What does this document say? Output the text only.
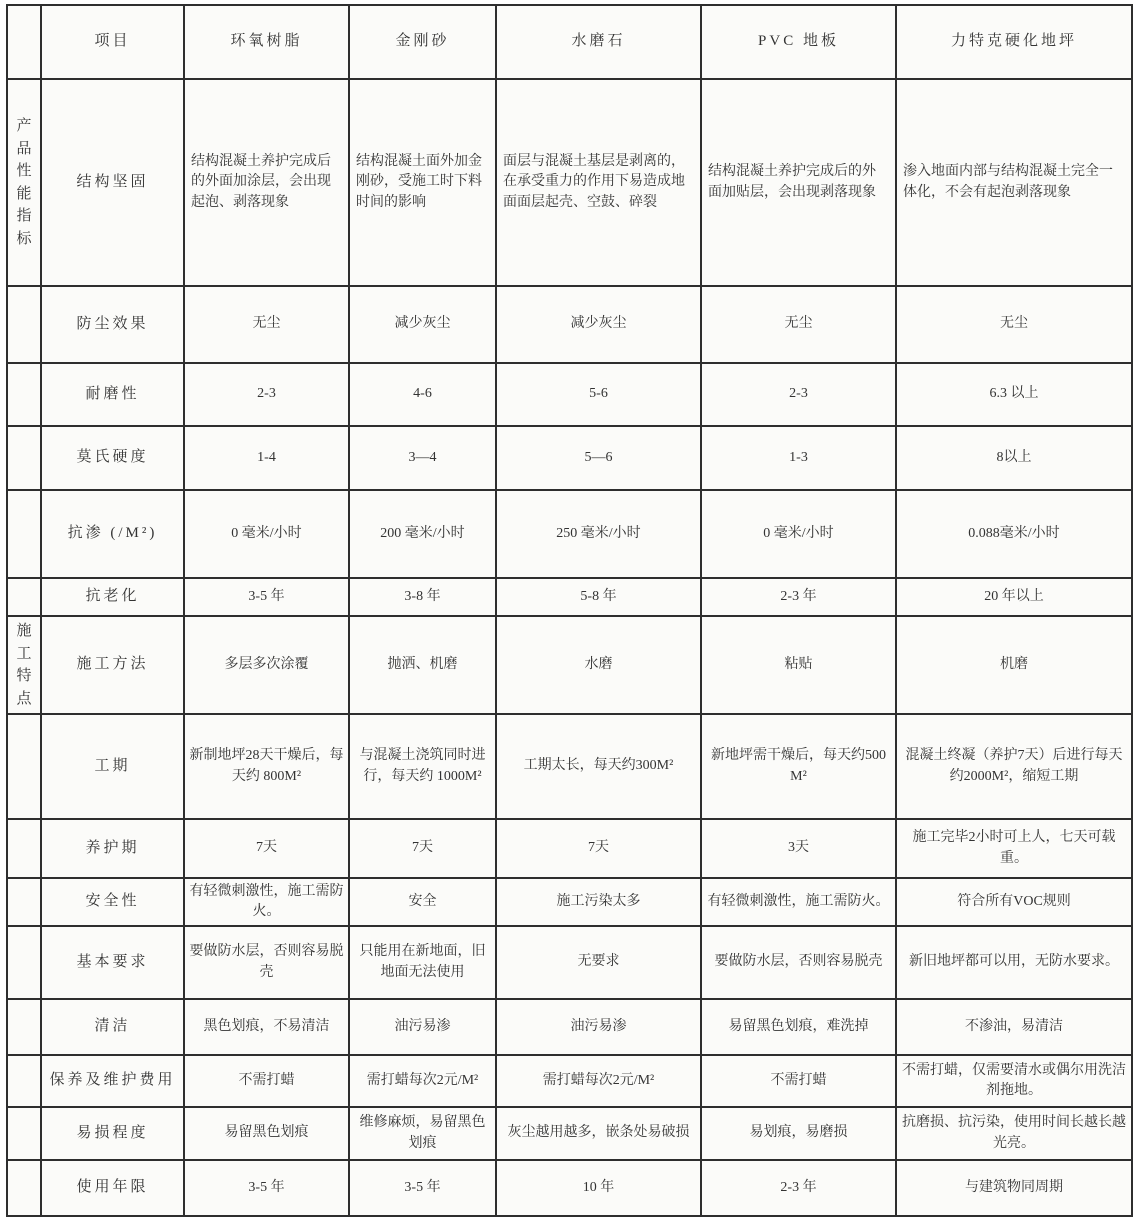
	项目	环氧树脂	金刚砂	水磨石	PVC 地板	力特克硬化地坪

产品性能指标	结构坚固	结构混凝土养护完成后的外面加涂层，会出现起泡、剥落现象	结构混凝土面外加金刚砂，受施工时下料时间的影响	面层与混凝土基层是剥离的，在承受重力的作用下易造成地面面层起壳、空鼓、碎裂	结构混凝土养护完成后的外面加贴层，会出现剥落现象	渗入地面内部与结构混凝土完全一体化，不会有起泡剥落现象

	防尘效果	无尘	减少灰尘	减少灰尘	无尘	无尘

	耐磨性	2-3	4-6	5-6	2-3	6.3 以上

	莫氏硬度	1-4	3—4	5—6	1-3	8以上

	抗渗 (/M²)	0 毫米/小时	200 毫米/小时	250 毫米/小时	0 毫米/小时	0.088毫米/小时

	抗老化	3-5 年	3-8 年	5-8 年	2-3 年	20 年以上

施工特点	施工方法	多层多次涂覆	抛洒、机磨	水磨	粘贴	机磨

	工期	新制地坪28天干燥后，每天约 800M²	与混凝土浇筑同时进行，每天约 1000M²	工期太长，每天约300M²	新地坪需干燥后，每天约500 M²	混凝土终凝（养护7天）后进行每天约2000M²，缩短工期

	养护期	7天	7天	7天	3天	施工完毕2小时可上人，七天可载重。

	安全性	有轻微刺激性，施工需防火。	安全	施工污染太多	有轻微刺激性，施工需防火。	符合所有VOC规则

	基本要求	要做防水层，否则容易脱壳	只能用在新地面，旧地面无法使用	无要求	要做防水层，否则容易脱壳	新旧地坪都可以用，无防水要求。

	清洁	黑色划痕，不易清洁	油污易渗	油污易渗	易留黑色划痕，难洗掉	不渗油，易清洁

	保养及维护费用	不需打蜡	需打蜡每次2元/M²	需打蜡每次2元/M²	不需打蜡	不需打蜡，仅需要清水或偶尔用洗洁剂拖地。

	易损程度	易留黑色划痕	维修麻烦，易留黑色划痕	灰尘越用越多，嵌条处易破损	易划痕，易磨损	抗磨损、抗污染，使用时间长越长越光亮。

	使用年限	3-5 年	3-5 年	10 年	2-3 年	与建筑物同周期
